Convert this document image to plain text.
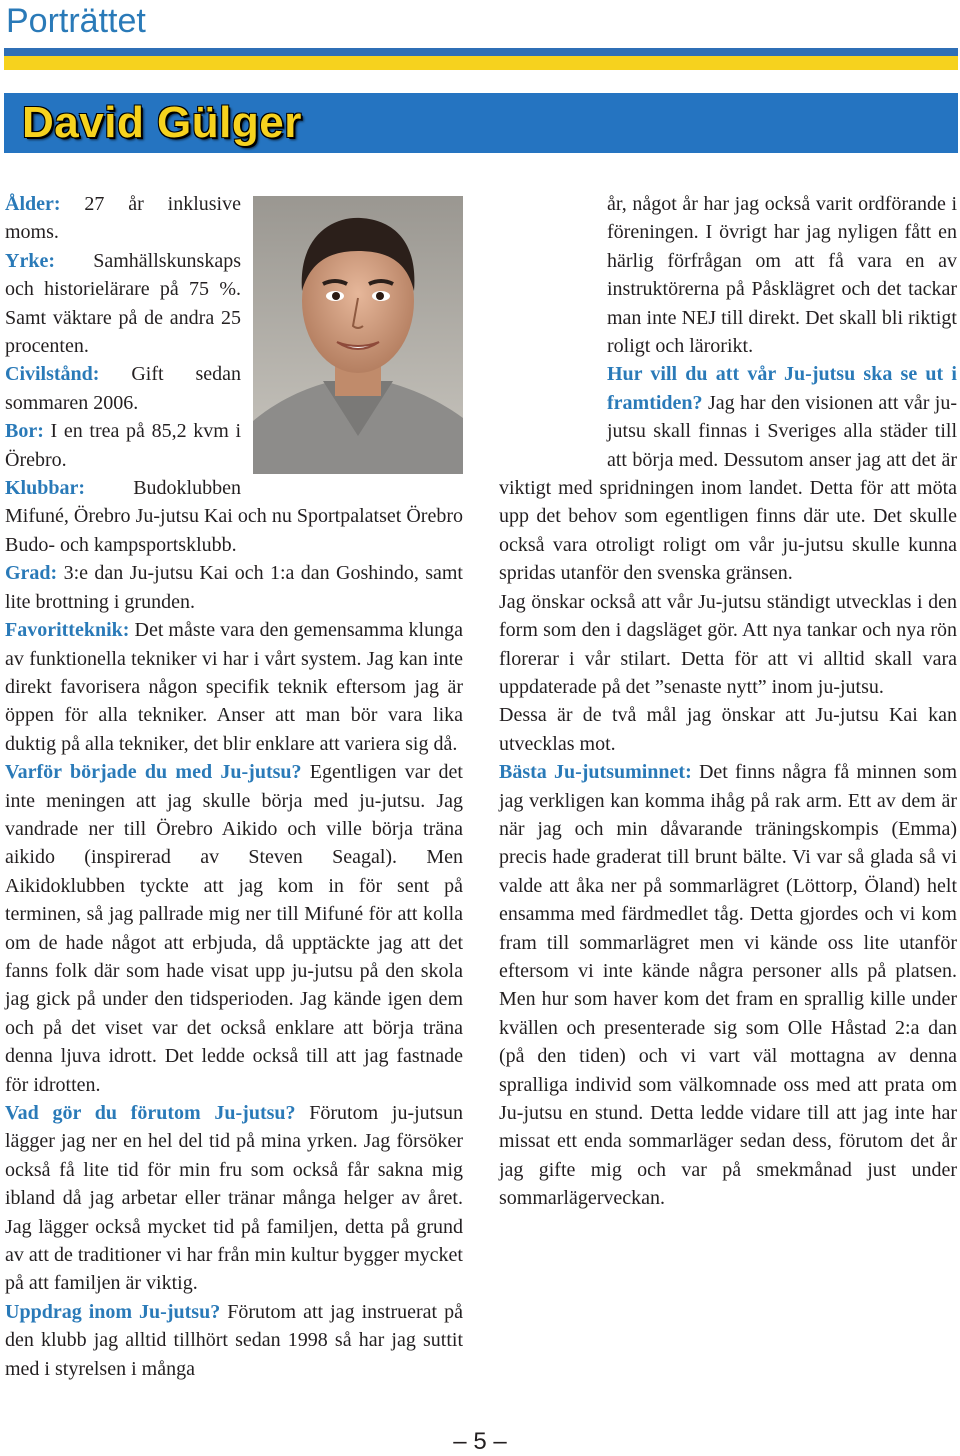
Porträttet
David Gülger

Ålder: 27 år inklusive moms.

Yrke: Samhällskunskaps och historielärare på 75 %. Samt väktare på de andra 25 procenten.

Civilstånd: Gift sedan sommaren 2006.

Bor: I en trea på 85,2 kvm i Örebro.

Klubbar: Budoklubben Mifuné, Örebro Ju-jutsu Kai och nu Sportpalatset Örebro Budo- och kampsportsklubb.

Grad: 3:e dan Ju-jutsu Kai och 1:a dan Goshindo, samt lite brottning i grunden.

Favoritteknik: Det måste vara den gemensamma klunga av funktionella tekniker vi har i vårt system. Jag kan inte direkt favorisera någon specifik teknik eftersom jag är öppen för alla tekniker. Anser att man bör vara lika duktig på alla tekniker, det blir enklare att variera sig då.

Varför började du med Ju-jutsu? Egentligen var det inte meningen att jag skulle börja med ju-jutsu. Jag vandrade ner till Örebro Aikido och ville börja träna aikido (inspirerad av Steven Seagal). Men Aikidoklubben tyckte att jag kom in för sent på terminen, så jag pallrade mig ner till Mifuné för att kolla om de hade något att erbjuda, då upptäckte jag att det fanns folk där som hade visat upp ju-jutsu på den skola jag gick på under den tidsperioden. Jag kände igen dem och på det viset var det också enklare att börja träna denna ljuva idrott. Det ledde också till att jag fastnade för idrotten.

Vad gör du förutom Ju-jutsu? Förutom ju-jutsun lägger jag ner en hel del tid på mina yrken. Jag försöker också få lite tid för min fru som också får sakna mig ibland då jag arbetar eller tränar många helger av året. Jag lägger också mycket tid på familjen, detta på grund av att de traditioner vi har från min kultur bygger mycket på att familjen är viktig.

Uppdrag inom Ju-jutsu? Förutom att jag instruerat på den klubb jag alltid tillhört sedan 1998 så har jag suttit med i styrelsen i många

år, något år har jag också varit ordförande i föreningen. I övrigt har jag nyligen fått en härlig förfrågan om att få vara en av instruktörerna på Påsklägret och det tackar man inte NEJ till direkt. Det skall bli riktigt roligt och lärorikt.

Hur vill du att vår Ju-jutsu ska se ut i framtiden? Jag har den visionen att vår ju-jutsu skall finnas i Sveriges alla städer till att börja med. Dessutom anser jag att det är viktigt med spridningen inom landet. Detta för att möta upp det behov som egentligen finns där ute. Det skulle också vara otroligt roligt om vår ju-jutsu skulle kunna spridas utanför den svenska gränsen.

Jag önskar också att vår Ju-jutsu ständigt utvecklas i den form som den i dagsläget gör. Att nya tankar och nya rön florerar i vår stilart. Detta för att vi alltid skall vara uppdaterade på det ”senaste nytt” inom ju-jutsu.

Dessa är de två mål jag önskar att Ju-jutsu Kai kan utvecklas mot.

Bästa Ju-jutsuminnet: Det finns några få minnen som jag verkligen kan komma ihåg på rak arm. Ett av dem är när jag och min dåvarande träningskompis (Emma) precis hade graderat till brunt bälte. Vi var så glada så vi valde att åka ner på sommarlägret (Löttorp, Öland) helt ensamma med färdmedlet tåg. Detta gjordes och vi kom fram till sommarlägret men vi kände oss lite utanför eftersom vi inte kände några personer alls på platsen. Men hur som haver kom det fram en sprallig kille under kvällen och presenterade sig som Olle Håstad 2:a dan (på den tiden) och vi vart väl mottagna av denna spralliga individ som välkomnade oss med att prata om Ju-jutsu en stund. Detta ledde vidare till att jag inte har missat ett enda sommarläger sedan dess, förutom det år jag gifte mig och var på smekmånad just under sommarlägerveckan.

– 5 –
